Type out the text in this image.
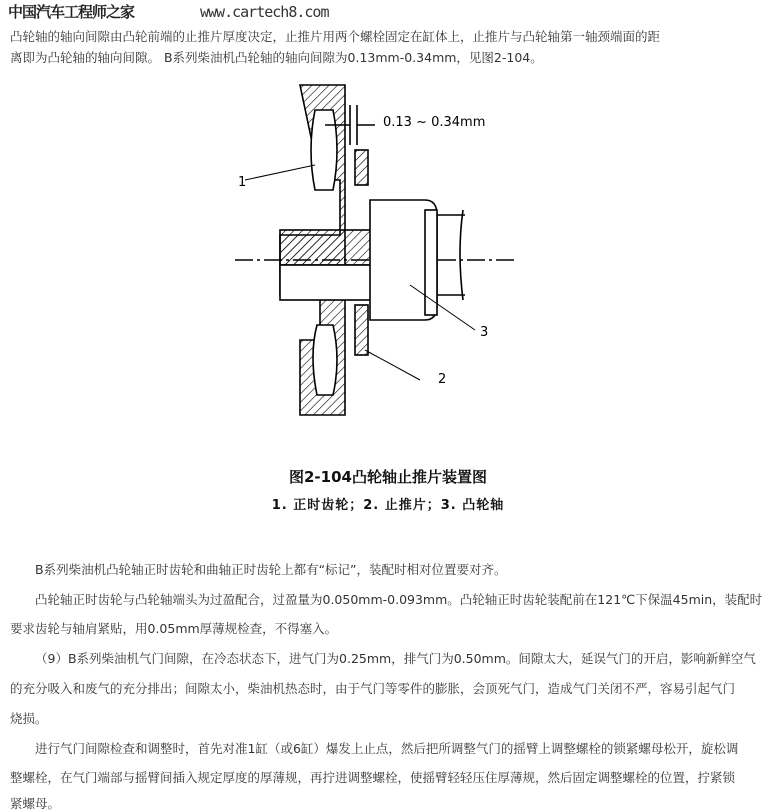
中国汽车工程师之家	www.cartech8.com
凸轮轴的轴向间隙由凸轮前端的止推片厚度决定，止推片用两个螺栓固定在缸体上，止推片与凸轮轴第一轴颈端面的距
离即为凸轮轴的轴向间隙。 B系列柴油机凸轮轴的轴向间隙为0.13mm-0.34mm，见图2-104。
0.13 ~ 0.34mm
1
2
3
图2-104凸轮轴止推片装置图
1. 正时齿轮；2. 止推片；3. 凸轮轴
B系列柴油机凸轮轴正时齿轮和曲轴正时齿轮上都有“标记”，装配时相对位置要对齐。
凸轮轴正时齿轮与凸轮轴端头为过盈配合，过盈量为0.050mm-0.093mm。凸轮轴正时齿轮装配前在121℃下保温45min，装配时
要求齿轮与轴肩紧贴，用0.05mm厚薄规检查，不得塞入。
（9）B系列柴油机气门间隙，在冷态状态下，进气门为0.25mm，排气门为0.50mm。间隙太大，延误气门的开启，影响新鲜空气
的充分吸入和废气的充分排出；间隙太小，柴油机热态时，由于气门等零件的膨胀，会顶死气门，造成气门关闭不严，容易引起气门
烧损。
进行气门间隙检查和调整时，首先对准1缸（或6缸）爆发上止点，然后把所调整气门的摇臂上调整螺栓的锁紧螺母松开，旋松调
整螺栓，在气门端部与摇臂间插入规定厚度的厚薄规，再拧进调整螺栓，使摇臂轻轻压住厚薄规，然后固定调整螺栓的位置，拧紧锁
紧螺母。
